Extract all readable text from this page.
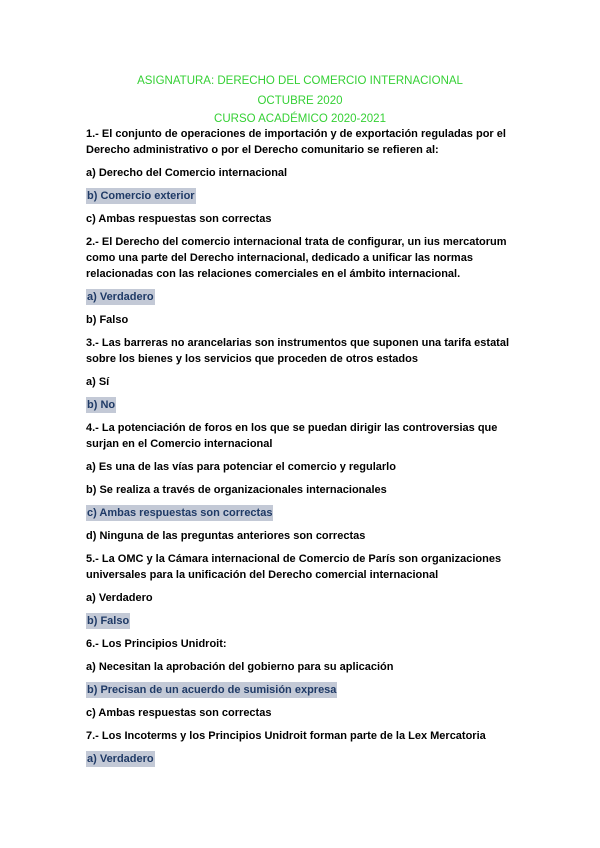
ASIGNATURA: DERECHO DEL COMERCIO INTERNACIONAL
OCTUBRE 2020
CURSO ACADÉMICO 2020-2021
1.- El conjunto de operaciones de importación y de exportación reguladas por el Derecho administrativo o por el Derecho comunitario se refieren al:
a) Derecho del Comercio internacional
b) Comercio exterior
c) Ambas respuestas son correctas
2.- El Derecho del comercio internacional trata de configurar, un ius mercatorum como una parte del Derecho internacional, dedicado a unificar las normas relacionadas con las relaciones comerciales en el ámbito internacional.
a) Verdadero
b) Falso
3.- Las barreras no arancelarias son instrumentos que suponen una tarifa estatal sobre los bienes y los servicios que proceden de otros estados
a) Sí
b) No
4.- La potenciación de foros en los que se puedan dirigir las controversias que surjan en el Comercio internacional
a) Es una de las vías para potenciar el comercio y regularlo
b) Se realiza a través de organizacionales internacionales
c) Ambas respuestas son correctas
d) Ninguna de las preguntas anteriores son correctas
5.- La OMC y la Cámara internacional de Comercio de París son organizaciones universales para la unificación del Derecho comercial internacional
a) Verdadero
b) Falso
6.- Los Principios Unidroit:
a) Necesitan la aprobación del gobierno para su aplicación
b) Precisan de un acuerdo de sumisión expresa
c) Ambas respuestas son correctas
7.- Los Incoterms y los Principios Unidroit forman parte de la Lex Mercatoria
a) Verdadero
